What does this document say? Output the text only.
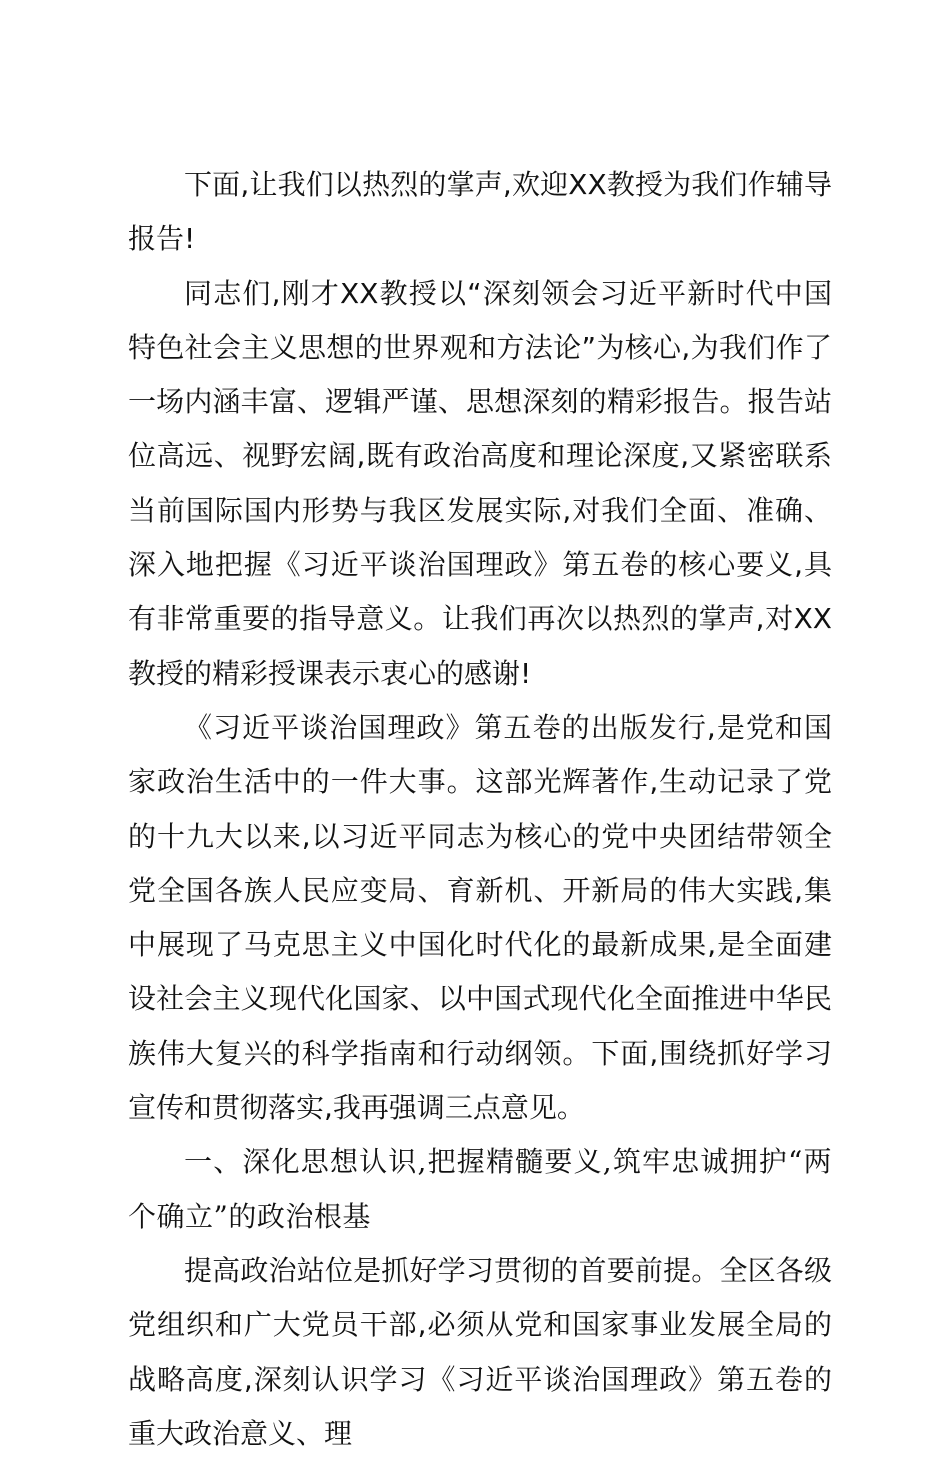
下面,让我们以热烈的掌声,欢迎XX教授为我们作辅导报告!

同志们,刚才XX教授以“深刻领会习近平新时代中国特色社会主义思想的世界观和方法论”为核心,为我们作了一场内涵丰富、逻辑严谨、思想深刻的精彩报告。报告站位高远、视野宏阔,既有政治高度和理论深度,又紧密联系当前国际国内形势与我区发展实际,对我们全面、准确、深入地把握《习近平谈治国理政》第五卷的核心要义,具有非常重要的指导意义。让我们再次以热烈的掌声,对XX教授的精彩授课表示衷心的感谢!

《习近平谈治国理政》第五卷的出版发行,是党和国家政治生活中的一件大事。这部光辉著作,生动记录了党的十九大以来,以习近平同志为核心的党中央团结带领全党全国各族人民应变局、育新机、开新局的伟大实践,集中展现了马克思主义中国化时代化的最新成果,是全面建设社会主义现代化国家、以中国式现代化全面推进中华民族伟大复兴的科学指南和行动纲领。下面,围绕抓好学习宣传和贯彻落实,我再强调三点意见。

一、深化思想认识,把握精髓要义,筑牢忠诚拥护“两个确立”的政治根基

提高政治站位是抓好学习贯彻的首要前提。全区各级党组织和广大党员干部,必须从党和国家事业发展全局的战略高度,深刻认识学习《习近平谈治国理政》第五卷的重大政治意义、理
